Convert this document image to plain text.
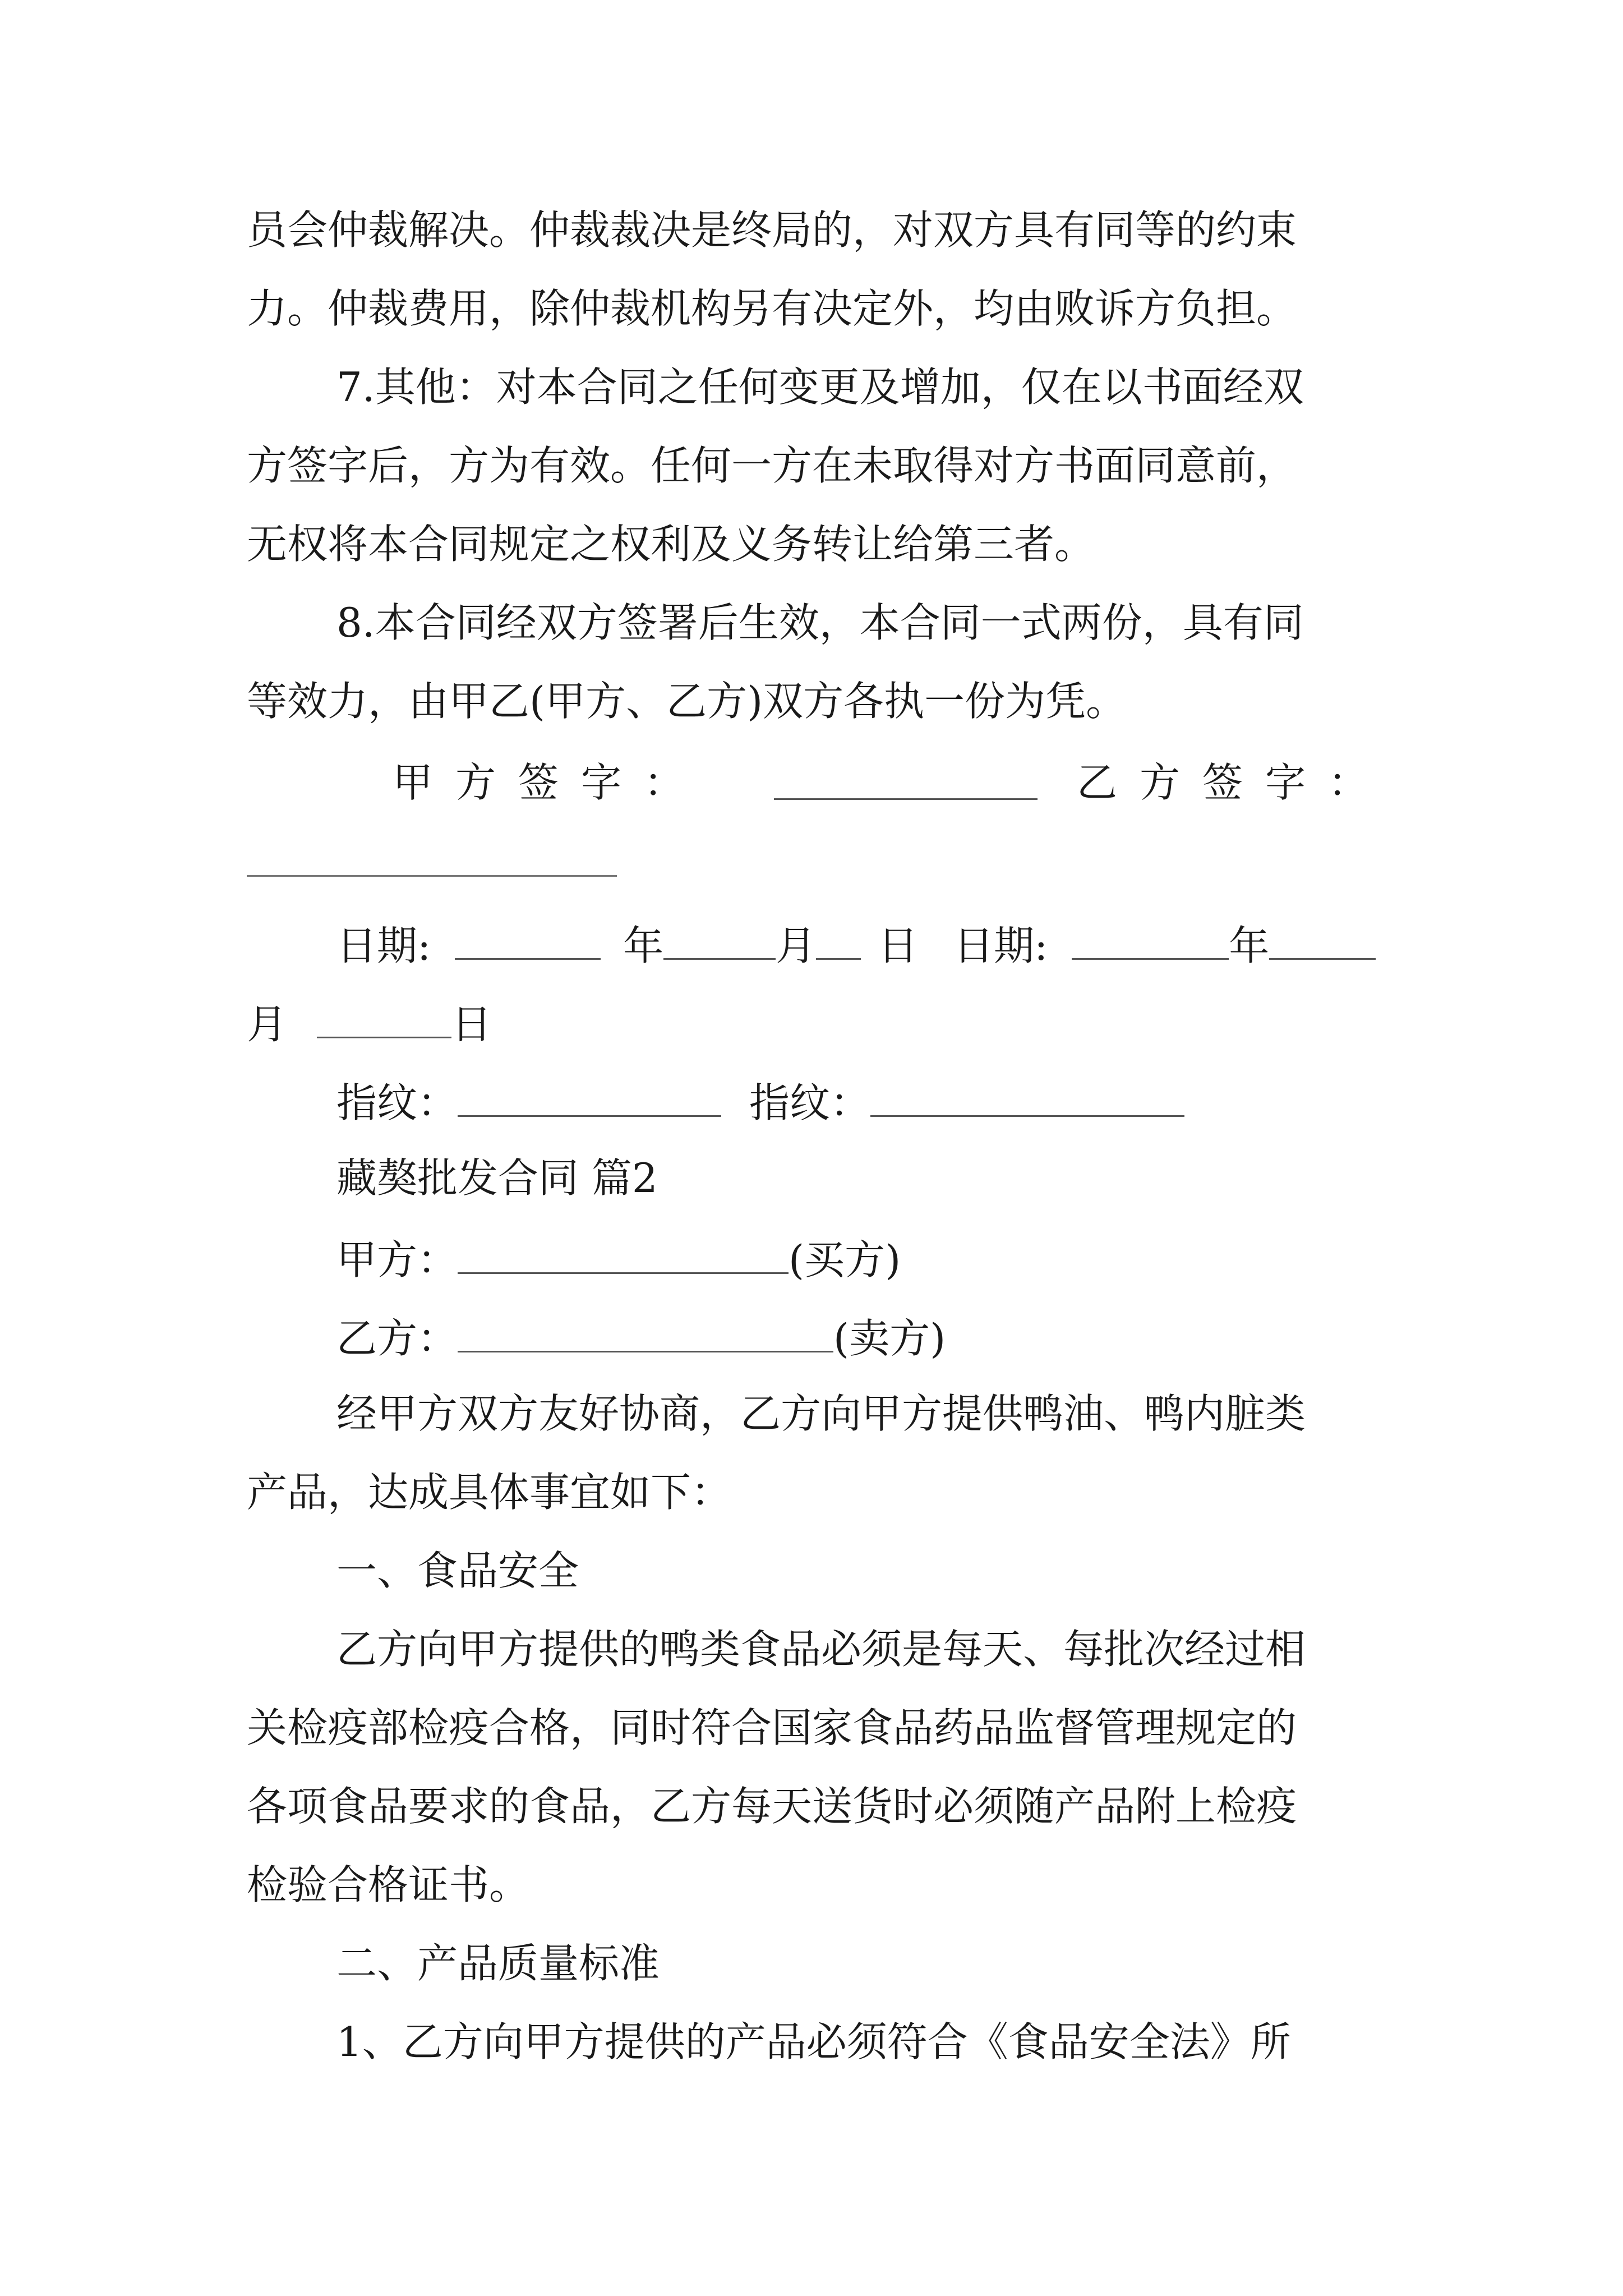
员会仲裁解决。仲裁裁决是终局的，对双方具有同等的约束
力。仲裁费用，除仲裁机构另有决定外，均由败诉方负担。
7.其他：对本合同之任何变更及增加，仅在以书面经双
方签字后，方为有效。任何一方在未取得对方书面同意前，
无权将本合同规定之权利及义务转让给第三者。
8.本合同经双方签署后生效，本合同一式两份，具有同
等效力，由甲乙(甲方、乙方)双方各执一份为凭。
甲方签字：	乙方签字：
日期:	年	月 日 日期:	年
月	日
指纹：	指纹：
藏獒批发合同 篇2
甲方：	(买方)
乙方：	(卖方)
经甲方双方友好协商，乙方向甲方提供鸭油、鸭内脏类
产品，达成具体事宜如下：
一、食品安全
乙方向甲方提供的鸭类食品必须是每天、每批次经过相
关检疫部检疫合格，同时符合国家食品药品监督管理规定的
各项食品要求的食品，乙方每天送货时必须随产品附上检疫
检验合格证书。
二、产品质量标准
1、乙方向甲方提供的产品必须符合《食品安全法》所
